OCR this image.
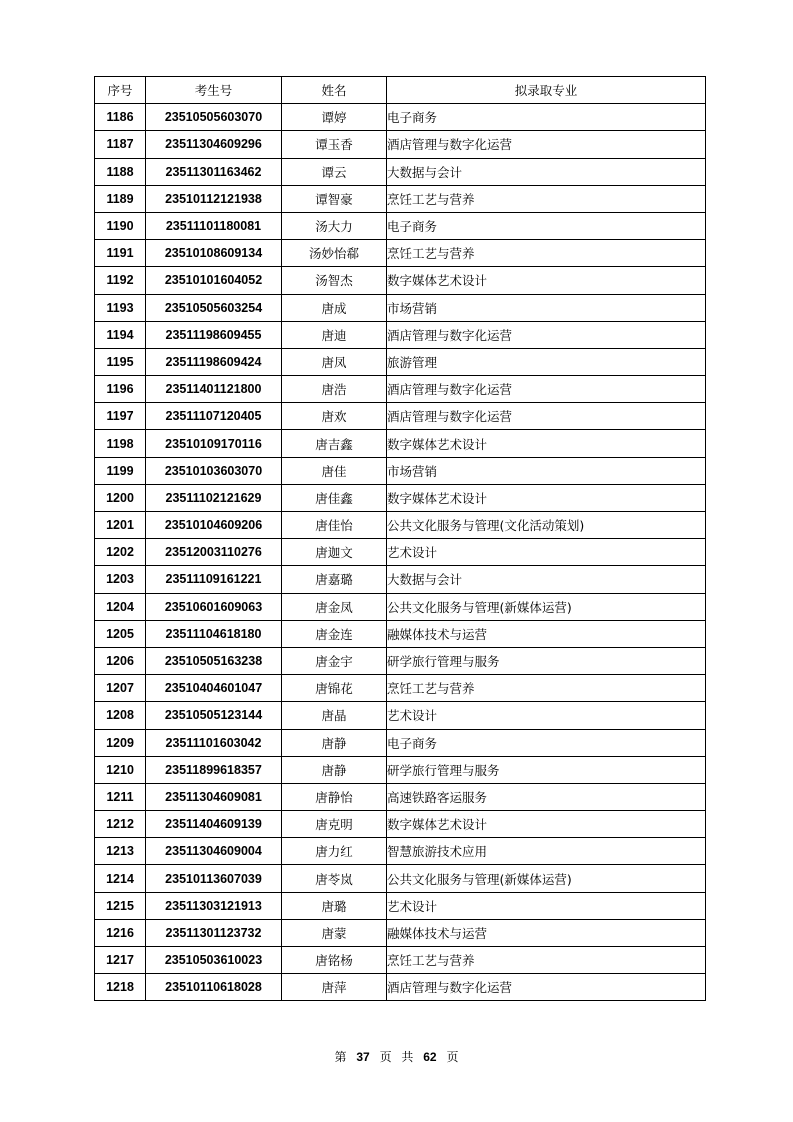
序号	考生号	姓名	拟录取专业
1186	23510505603070	谭婷	电子商务
1187	23511304609296	谭玉香	酒店管理与数字化运营
1188	23511301163462	谭云	大数据与会计
1189	23510112121938	谭智豪	烹饪工艺与营养
1190	23511101180081	汤大力	电子商务
1191	23510108609134	汤妙怡郗	烹饪工艺与营养
1192	23510101604052	汤智杰	数字媒体艺术设计
1193	23510505603254	唐成	市场营销
1194	23511198609455	唐迪	酒店管理与数字化运营
1195	23511198609424	唐凤	旅游管理
1196	23511401121800	唐浩	酒店管理与数字化运营
1197	23511107120405	唐欢	酒店管理与数字化运营
1198	23510109170116	唐吉鑫	数字媒体艺术设计
1199	23510103603070	唐佳	市场营销
1200	23511102121629	唐佳鑫	数字媒体艺术设计
1201	23510104609206	唐佳怡	公共文化服务与管理(文化活动策划)
1202	23512003110276	唐迦文	艺术设计
1203	23511109161221	唐嘉璐	大数据与会计
1204	23510601609063	唐金凤	公共文化服务与管理(新媒体运营)
1205	23511104618180	唐金连	融媒体技术与运营
1206	23510505163238	唐金宇	研学旅行管理与服务
1207	23510404601047	唐锦花	烹饪工艺与营养
1208	23510505123144	唐晶	艺术设计
1209	23511101603042	唐静	电子商务
1210	23511899618357	唐静	研学旅行管理与服务
1211	23511304609081	唐静怡	高速铁路客运服务
1212	23511404609139	唐克明	数字媒体艺术设计
1213	23511304609004	唐力红	智慧旅游技术应用
1214	23510113607039	唐苓岚	公共文化服务与管理(新媒体运营)
1215	23511303121913	唐璐	艺术设计
1216	23511301123732	唐蒙	融媒体技术与运营
1217	23510503610023	唐铭杨	烹饪工艺与营养
1218	23510110618028	唐萍	酒店管理与数字化运营
第 37 页 共 62 页
